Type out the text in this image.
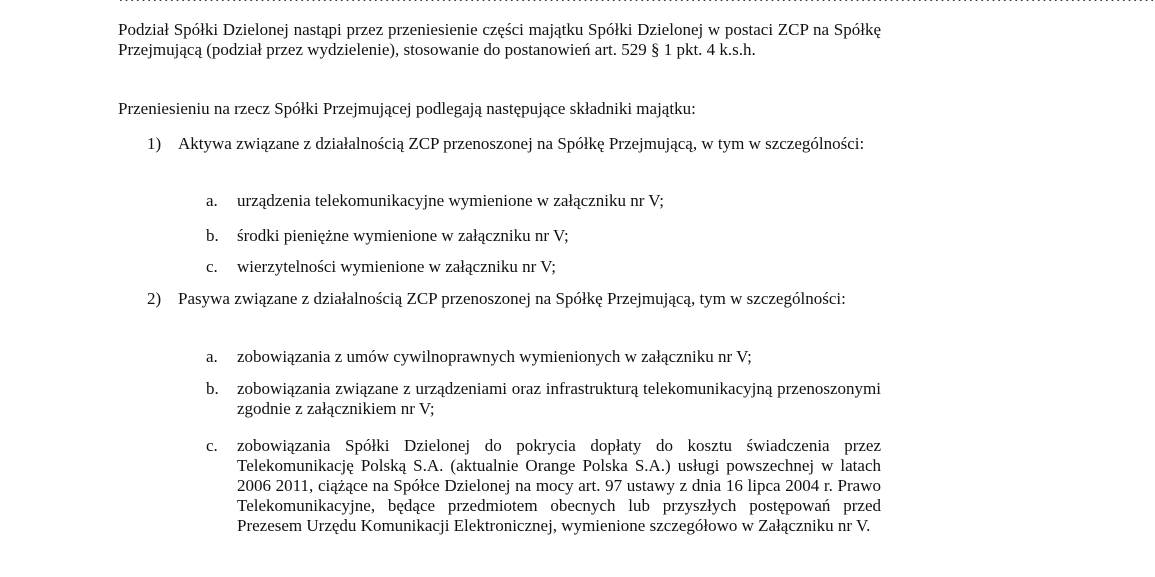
Podział Spółki Dzielonej nastąpi przez przeniesienie części majątku Spółki Dzielonej w postaci ZCP na Spółkę Przejmującą (podział przez wydzielenie), stosowanie do postanowień art. 529 § 1 pkt. 4 k.s.h.
Przeniesieniu na rzecz Spółki Przejmującej podlegają następujące składniki majątku:
1) Aktywa związane z działalnością ZCP przenoszonej na Spółkę Przejmującą, w tym w szczególności:
a.	urządzenia telekomunikacyjne wymienione w załączniku nr V;
b.	środki pieniężne wymienione w załączniku nr V;
c.	wierzytelności wymienione w załączniku nr V;
2) Pasywa związane z działalnością ZCP przenoszonej na Spółkę Przejmującą, tym w szczególności:
a.	zobowiązania z umów cywilnoprawnych wymienionych w załączniku nr V;
b.	zobowiązania związane z urządzeniami oraz infrastrukturą telekomunikacyjną przenoszonymi zgodnie z załącznikiem nr V;
c.	zobowiązania Spółki Dzielonej do pokrycia dopłaty do kosztu świadczenia przez Telekomunikację Polską S.A. (aktualnie Orange Polska S.A.) usługi powszechnej w latach 2006 2011, ciążące na Spółce Dzielonej na mocy art. 97 ustawy z dnia 16 lipca 2004 r. Prawo Telekomunikacyjne, będące przedmiotem obecnych lub przyszłych postępowań przed Prezesem Urzędu Komunikacji Elektronicznej, wymienione szczegółowo w Załączniku nr V.
